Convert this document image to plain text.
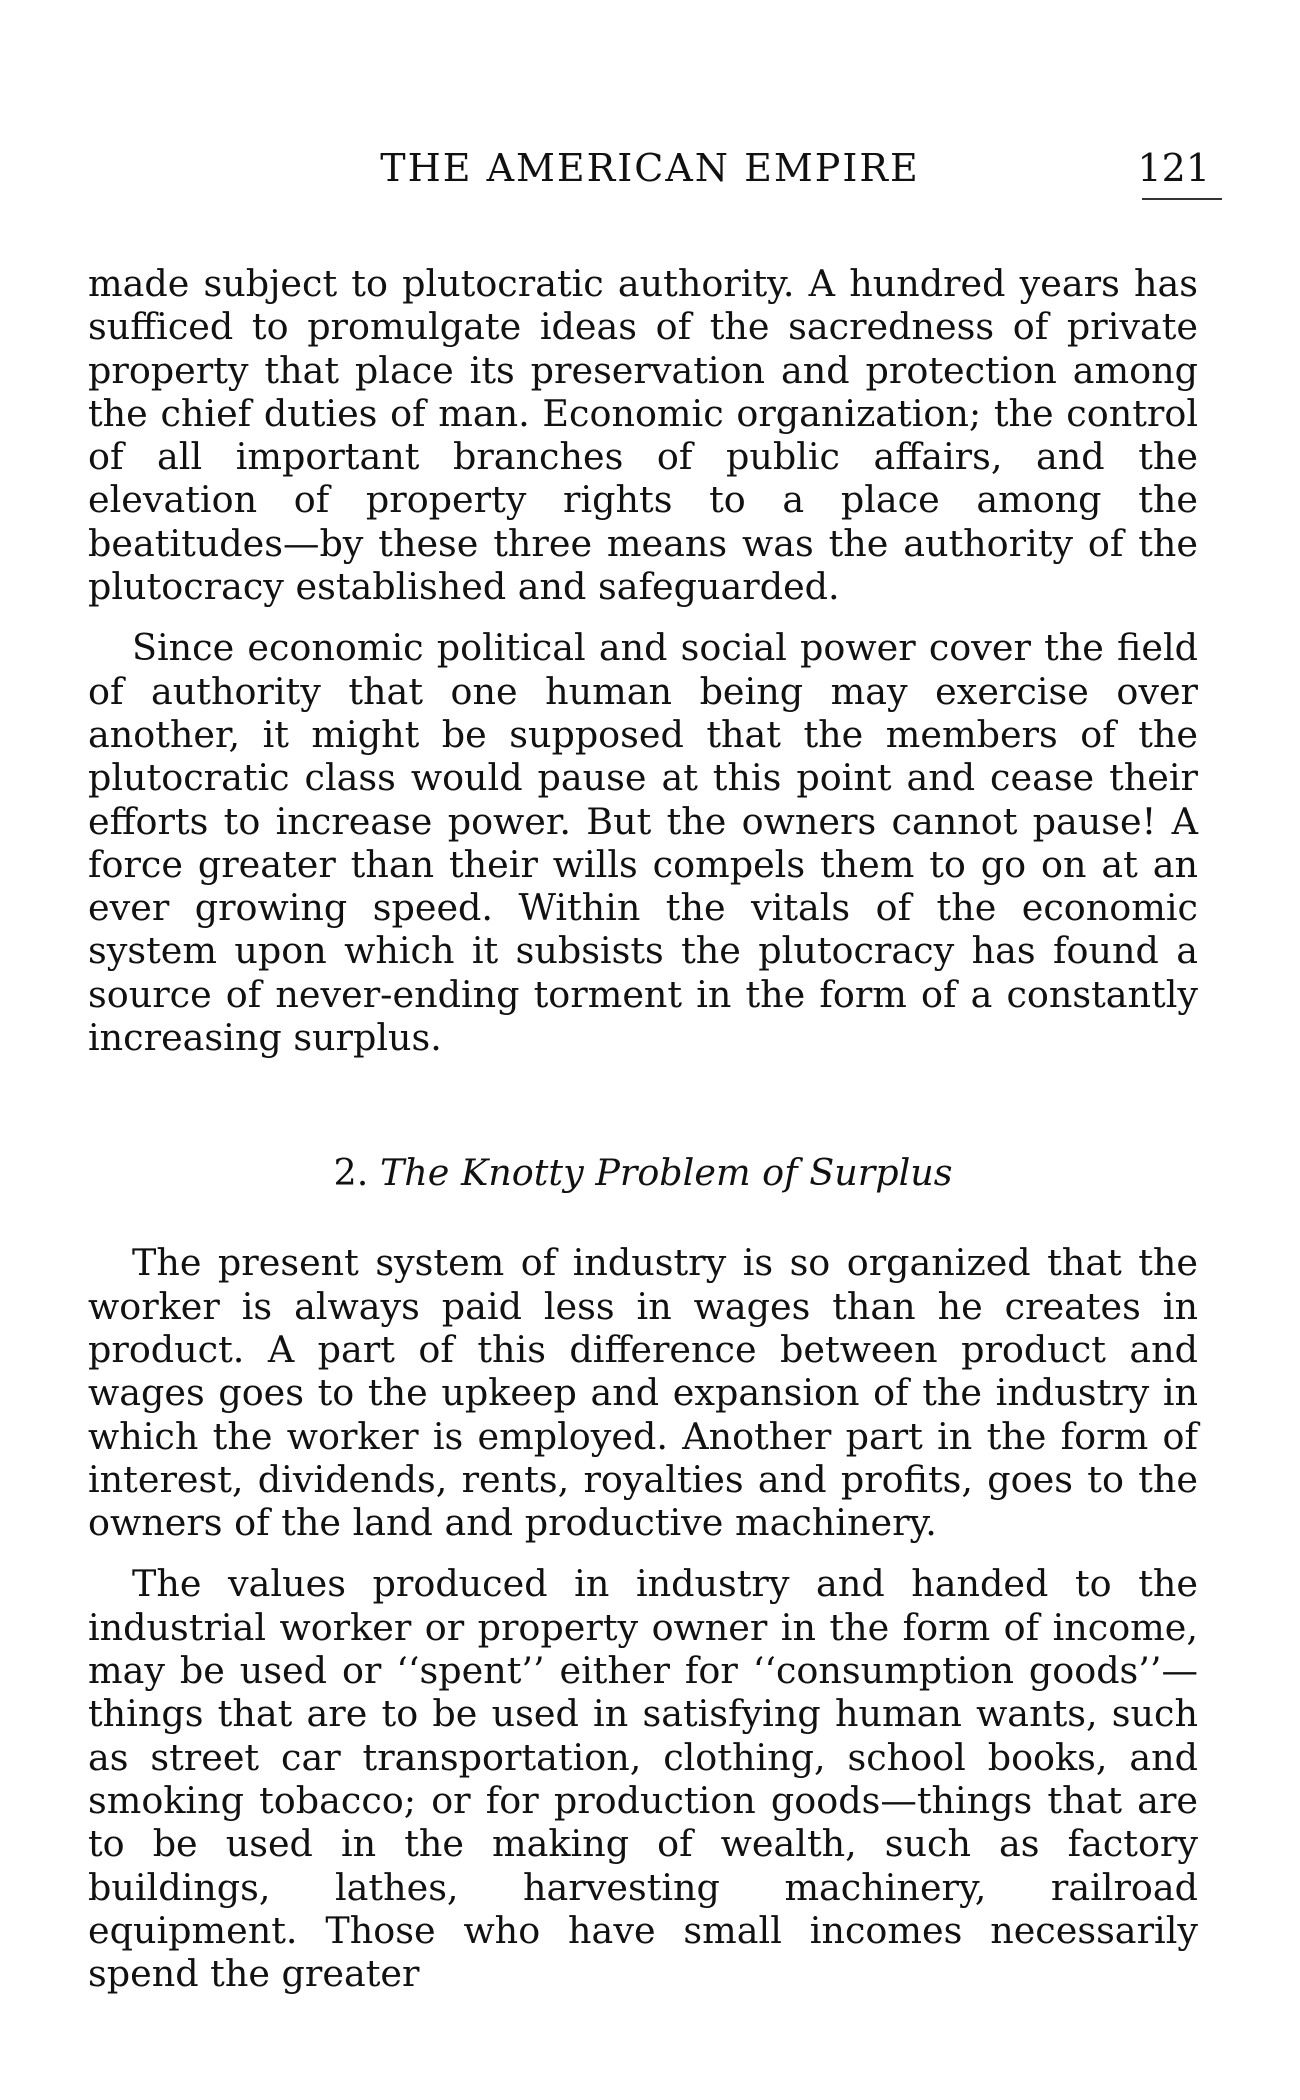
THE AMERICAN EMPIRE	121

made subject to plutocratic authority. A hundred years has sufficed to promulgate ideas of the sacredness of private property that place its preservation and protection among the chief duties of man. Economic organization; the control of all important branches of public affairs, and the elevation of property rights to a place among the beatitudes—by these three means was the authority of the plutocracy established and safeguarded.

Since economic political and social power cover the field of authority that one human being may exercise over another, it might be supposed that the members of the plutocratic class would pause at this point and cease their efforts to increase power. But the owners cannot pause! A force greater than their wills compels them to go on at an ever growing speed. Within the vitals of the economic system upon which it subsists the plutocracy has found a source of never-ending torment in the form of a constantly increasing surplus.

2. The Knotty Problem of Surplus

The present system of industry is so organized that the worker is always paid less in wages than he creates in product. A part of this difference between product and wages goes to the upkeep and expansion of the industry in which the worker is employed. Another part in the form of interest, dividends, rents, royalties and profits, goes to the owners of the land and productive machinery.

The values produced in industry and handed to the industrial worker or property owner in the form of income, may be used or ‘‘spent’’ either for ‘‘consumption goods’’—things that are to be used in satisfying human wants, such as street car transportation, clothing, school books, and smoking tobacco; or for production goods—things that are to be used in the making of wealth, such as factory buildings, lathes, harvesting machinery, railroad equipment. Those who have small incomes necessarily spend the greater
